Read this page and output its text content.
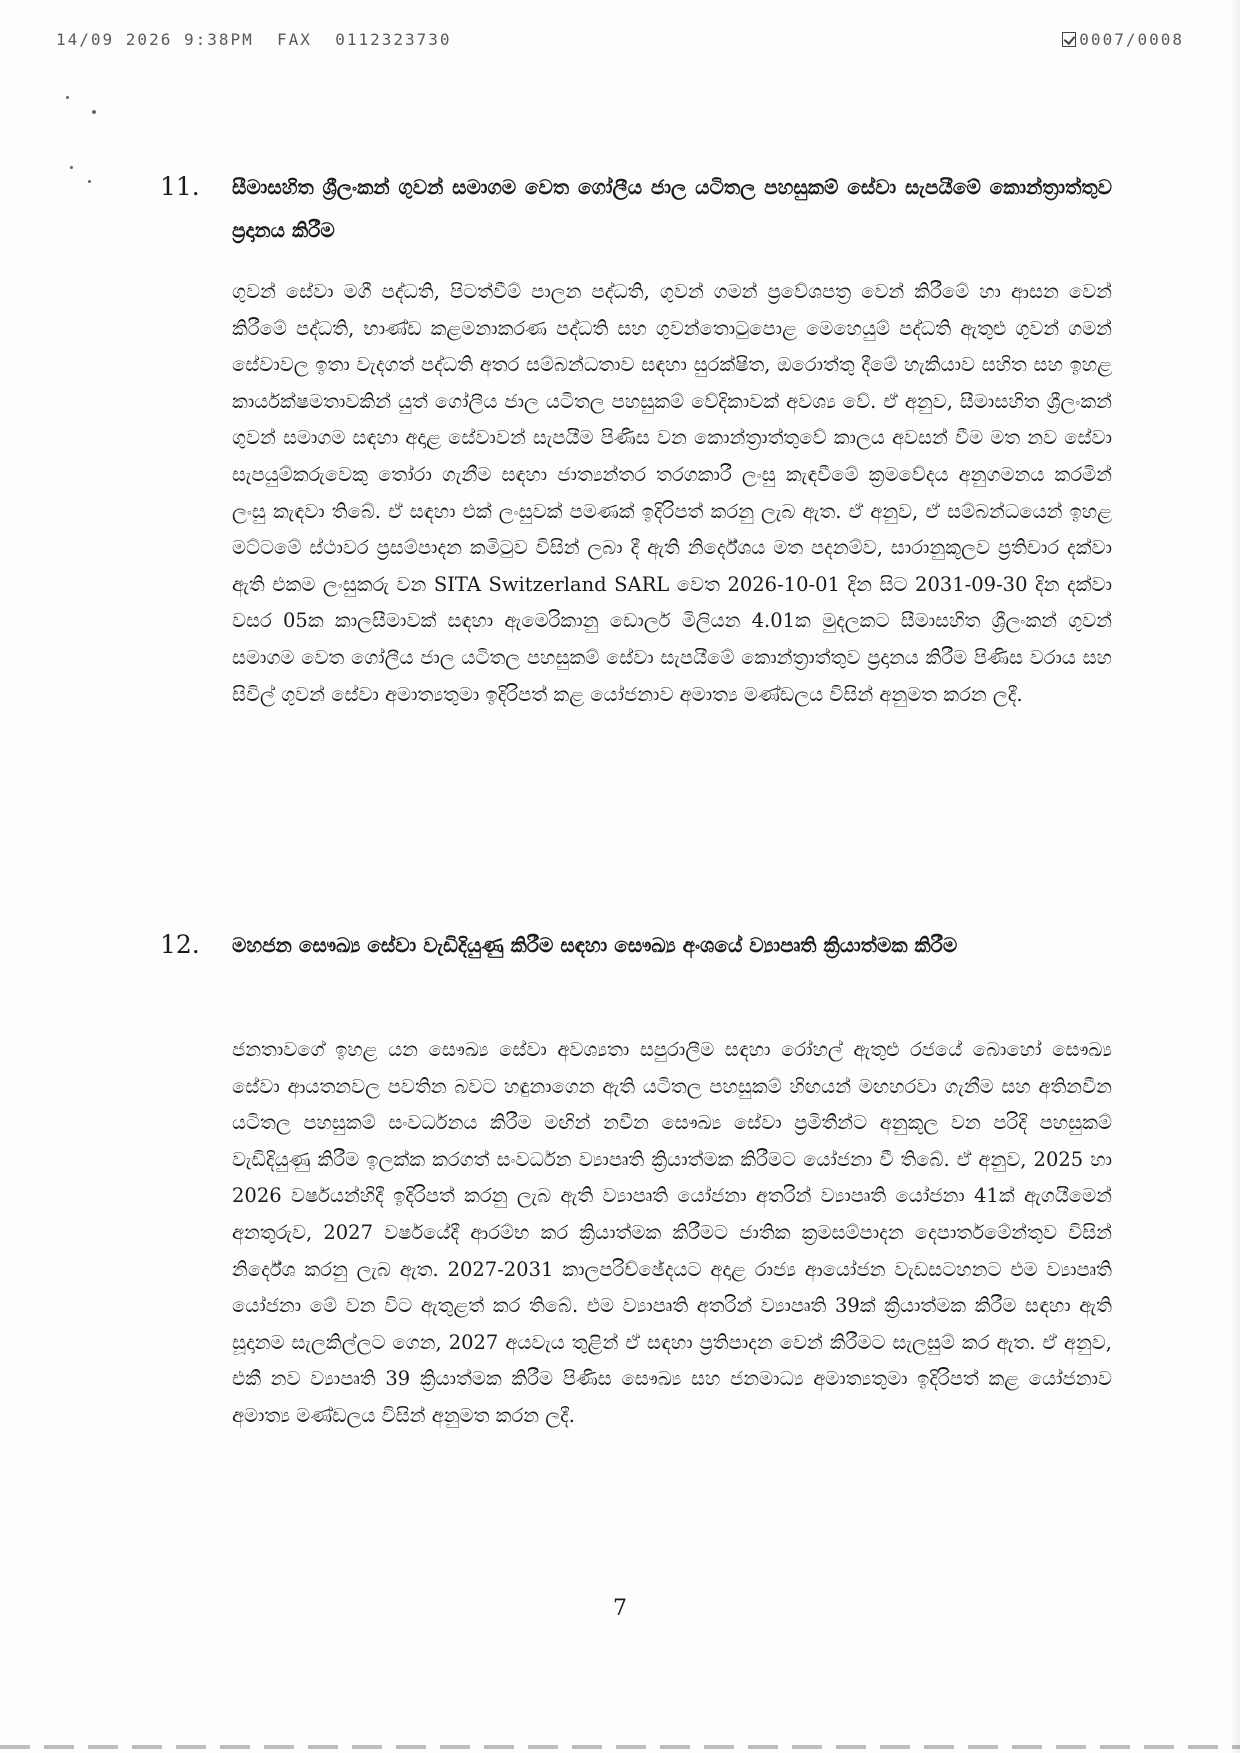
14/09 2026 9:38PM  FAX  0112323730	0007/0008
11. සීමාසහිත ශ්‍රීලංකන් ගුවන් සමාගම වෙත ගෝලීය ජාල යටිතල පහසුකම් සේවා සැපයීමේ කොන්ත්‍රාත්තුව ප්‍රදානය කිරීම
ගුවන් සේවා මගී පද්ධති, පිටත්වීම් පාලන පද්ධති, ගුවන් ගමන් ප්‍රවේශපත්‍ර වෙන් කිරීමේ හා ආසන වෙන් කිරීමේ පද්ධති, භාණ්ඩ කළමනාකරණ පද්ධති සහ ගුවන්තොටුපොළ මෙහෙයුම් පද්ධති ඇතුළු ගුවන් ගමන් සේවාවල ඉතා වැදගත් පද්ධති අතර සම්බන්ධතාව සඳහා සුරක්ෂිත, ඔරොත්තු දීමේ හැකියාව සහිත සහ ඉහළ කාර්යක්ෂමතාවකින් යුත් ගෝලීය ජාල යටිතල පහසුකම් වේදිකාවක් අවශ්‍ය වේ. ඒ අනුව, සීමාසහිත ශ්‍රීලංකන් ගුවන් සමාගම සඳහා අදාළ සේවාවන් සැපයීම පිණිස වන කොන්ත්‍රාත්තුවේ කාලය අවසන් වීම මත නව සේවා සැපයුම්කරුවෙකු තෝරා ගැනීම සඳහා ජාත්‍යන්තර තරගකාරී ලංසු කැඳවීමේ ක්‍රමවේදය අනුගමනය කරමින් ලංසු කැඳවා තිබේ. ඒ සඳහා එක් ලංසුවක් පමණක් ඉදිරිපත් කරනු ලැබ ඇත. ඒ අනුව, ඒ සම්බන්ධයෙන් ඉහළ මට්ටමේ ස්ථාවර ප්‍රසම්පාදන කමිටුව විසින් ලබා දී ඇති නිර්දේශය මත පදනම්ව, සාරානුකූලව ප්‍රතිචාර දක්වා ඇති එකම ලංසුකරු වන SITA Switzerland SARL වෙත 2026-10-01 දින සිට 2031-09-30 දින දක්වා වසර 05ක කාලසීමාවක් සඳහා ඇමෙරිකානු ඩොලර් මිලියන 4.01ක මුදලකට සීමාසහිත ශ්‍රීලංකන් ගුවන් සමාගම වෙත ගෝලීය ජාල යටිතල පහසුකම් සේවා සැපයීමේ කොන්ත්‍රාත්තුව ප්‍රදානය කිරීම පිණිස වරාය සහ සිවිල් ගුවන් සේවා අමාත්‍යතුමා ඉදිරිපත් කළ යෝජනාව අමාත්‍ය මණ්ඩලය විසින් අනුමත කරන ලදී.
12. මහජන සෞඛ්‍ය සේවා වැඩිදියුණු කිරීම සඳහා සෞඛ්‍ය අංශයේ ව්‍යාපෘති ක්‍රියාත්මක කිරීම
ජනතාවගේ ඉහළ යන සෞඛ්‍ය සේවා අවශ්‍යතා සපුරාලීම සඳහා රෝහල් ඇතුළු රජයේ බොහෝ සෞඛ්‍ය සේවා ආයතනවල පවතින බවට හඳුනාගෙන ඇති යටිතල පහසුකම් හිඟයන් මඟහරවා ගැනීම සහ අතිනවීන යටිතල පහසුකම් සංවර්ධනය කිරීම මඟින් නවීන සෞඛ්‍ය සේවා ප්‍රමිතීන්ට අනුකූල වන පරිදි පහසුකම් වැඩිදියුණු කිරීම ඉලක්ක කරගත් සංවර්ධන ව්‍යාපෘති ක්‍රියාත්මක කිරීමට යෝජනා වී තිබේ. ඒ අනුව, 2025 හා 2026 වර්ෂයන්හිදී ඉදිරිපත් කරනු ලැබ ඇති ව්‍යාපෘති යෝජනා අතරින් ව්‍යාපෘති යෝජනා 41ක් ඇගයීමෙන් අනතුරුව, 2027 වර්ෂයේදී ආරම්භ කර ක්‍රියාත්මක කිරීමට ජාතික ක්‍රමසම්පාදන දෙපාර්තමේන්තුව විසින් නිර්දේශ කරනු ලැබ ඇත. 2027-2031 කාලපරිච්ඡේදයට අදාළ රාජ්‍ය ආයෝජන වැඩසටහනට එම ව්‍යාපෘති යෝජනා මේ වන විට ඇතුළත් කර තිබේ. එම ව්‍යාපෘති අතරින් ව්‍යාපෘති 39ක් ක්‍රියාත්මක කිරීම සඳහා ඇති සූදානම සැලකිල්ලට ගෙන, 2027 අයවැය තුළින් ඒ සඳහා ප්‍රතිපාදන වෙන් කිරීමට සැලසුම් කර ඇත. ඒ අනුව, එකී නව ව්‍යාපෘති 39 ක්‍රියාත්මක කිරීම පිණිස සෞඛ්‍ය සහ ජනමාධ්‍ය අමාත්‍යතුමා ඉදිරිපත් කළ යෝජනාව අමාත්‍ය මණ්ඩලය විසින් අනුමත කරන ලදී.
7
